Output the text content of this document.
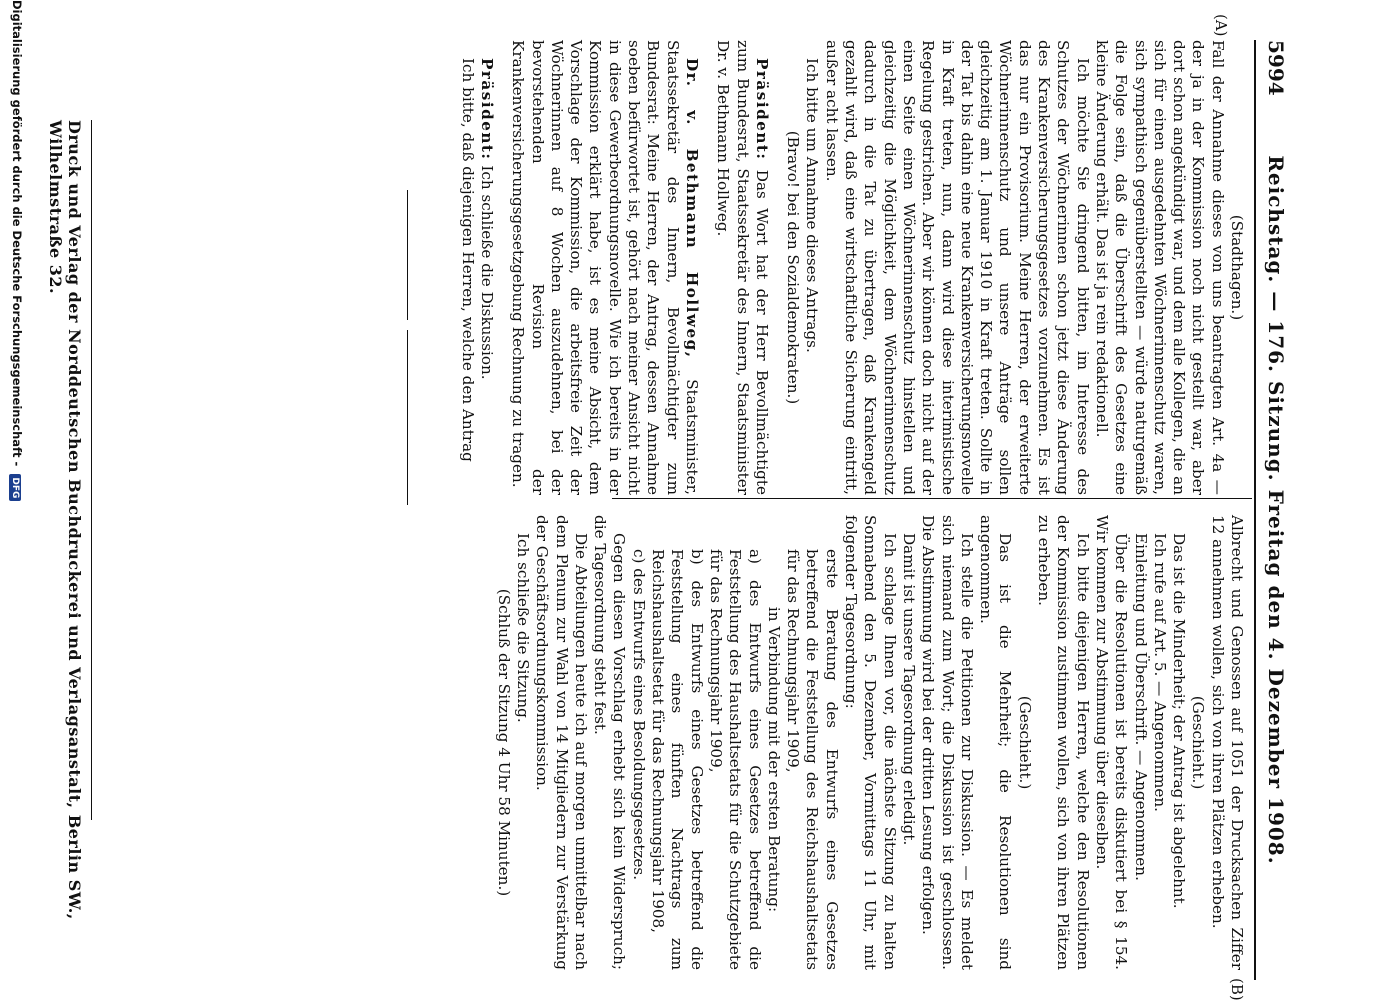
5994
Reichstag. — 176. Sitzung. Freitag den 4. Dezember 1908.
(A)
(B)

(Stadthagen.)

Fall der Annahme dieses von uns beantragten Art. 4a — der ja in der Kommission noch nicht gestellt war, aber dort schon angekündigt war, und dem alle Kollegen, die an sich für einen ausgedehnten Wöchnerinnenschutz waren, sich sympathisch gegenüberstellten — würde naturgemäß die Folge sein, daß die Überschrift des Gesetzes eine kleine Änderung erhält. Das ist ja rein redaktionell.

Ich möchte Sie dringend bitten, im Interesse des Schutzes der Wöchnerinnen schon jetzt diese Änderung des Krankenversicherungsgesetzes vorzunehmen. Es ist das nur ein Provisorium. Meine Herren, der erweiterte Wöchnerinnenschutz und unsere Anträge sollen gleichzeitig am 1. Januar 1910 in Kraft treten. Sollte in der Tat bis dahin eine neue Krankenversicherungsnovelle in Kraft treten, nun, dann wird diese interimistische Regelung gestrichen. Aber wir können doch nicht auf der einen Seite einen Wöchnerinnenschutz hinstellen und gleichzeitig die Möglichkeit, dem Wöchnerinnenschutz dadurch in die Tat zu übertragen, daß Krankengeld gezahlt wird, daß eine wirtschaftliche Sicherung eintritt, außer acht lassen.

Ich bitte um Annahme dieses Antrags.

(Bravo! bei den Sozialdemokraten.)

Präsident: Das Wort hat der Herr Bevollmächtigte zum Bundesrat, Staatssekretär des Innern, Staatsminister Dr. v. Bethmann Hollweg.

Dr. v. Bethmann Hollweg, Staatsminister, Staatssekretär des Innern, Bevollmächtigter zum Bundesrat: Meine Herren, der Antrag, dessen Annahme soeben befürwortet ist, gehört nach meiner Ansicht nicht in diese Gewerbeordnungsnovelle. Wie ich bereits in der Kommission erklärt habe, ist es meine Absicht, dem Vorschlage der Kommission, die arbeitsfreie Zeit der Wöchnerinnen auf 8 Wochen auszudehnen, bei der bevorstehenden Revision der Krankenversicherungsgesetzgebung Rechnung zu tragen.

Präsident: Ich schließe die Diskussion.

Ich bitte, daß diejenigen Herren, welche den Antrag

Albrecht und Genossen auf 1051 der Drucksachen Ziffer 12 annehmen wollen, sich von ihren Plätzen erheben.

(Geschieht.)

Das ist die Minderheit; der Antrag ist abgelehnt.

Ich rufe auf Art. 5. — Angenommen.

Einleitung und Überschrift. — Angenommen.

Über die Resolutionen ist bereits diskutiert bei § 154. Wir kommen zur Abstimmung über dieselben.

Ich bitte diejenigen Herren, welche den Resolutionen der Kommission zustimmen wollen, sich von ihren Plätzen zu erheben.

(Geschieht.)

Das ist die Mehrheit; die Resolutionen sind angenommen.

Ich stelle die Petitionen zur Diskussion. — Es meldet sich niemand zum Wort; die Diskussion ist geschlossen. Die Abstimmung wird bei der dritten Lesung erfolgen.

Damit ist unsere Tagesordnung erledigt.

Ich schlage Ihnen vor, die nächste Sitzung zu halten Sonnabend den 5. Dezember, Vormittags 11 Uhr, mit folgender Tagesordnung:

erste Beratung des Entwurfs eines Gesetzes betreffend die Feststellung des Reichshaushaltsetats für das Rechnungsjahr 1909,

in Verbindung mit der ersten Beratung:

a) des Entwurfs eines Gesetzes betreffend die Feststellung des Haushaltsetats für die Schutzgebiete für das Rechnungsjahr 1909,

b) des Entwurfs eines Gesetzes betreffend die Feststellung eines fünften Nachtrags zum Reichshaushaltsetat für das Rechnungsjahr 1908,

c) des Entwurfs eines Besoldungsgesetzes.

Gegen diesen Vorschlag erhebt sich kein Widerspruch; die Tagesordnung steht fest.

Die Abteilungen heute ich auf morgen unmittelbar nach dem Plenum zur Wahl von 14 Mitgliedern zur Verstärkung der Geschäftsordnungskommission.

Ich schließe die Sitzung.

(Schluß der Sitzung 4 Uhr 58 Minuten.)

Druck und Verlag der Norddeutschen Buchdruckerei und Verlagsanstalt, Berlin SW., Wilhelmstraße 32.
Digitalisierung gefördert durch die Deutsche Forschungsgemeinschaft - DFG
